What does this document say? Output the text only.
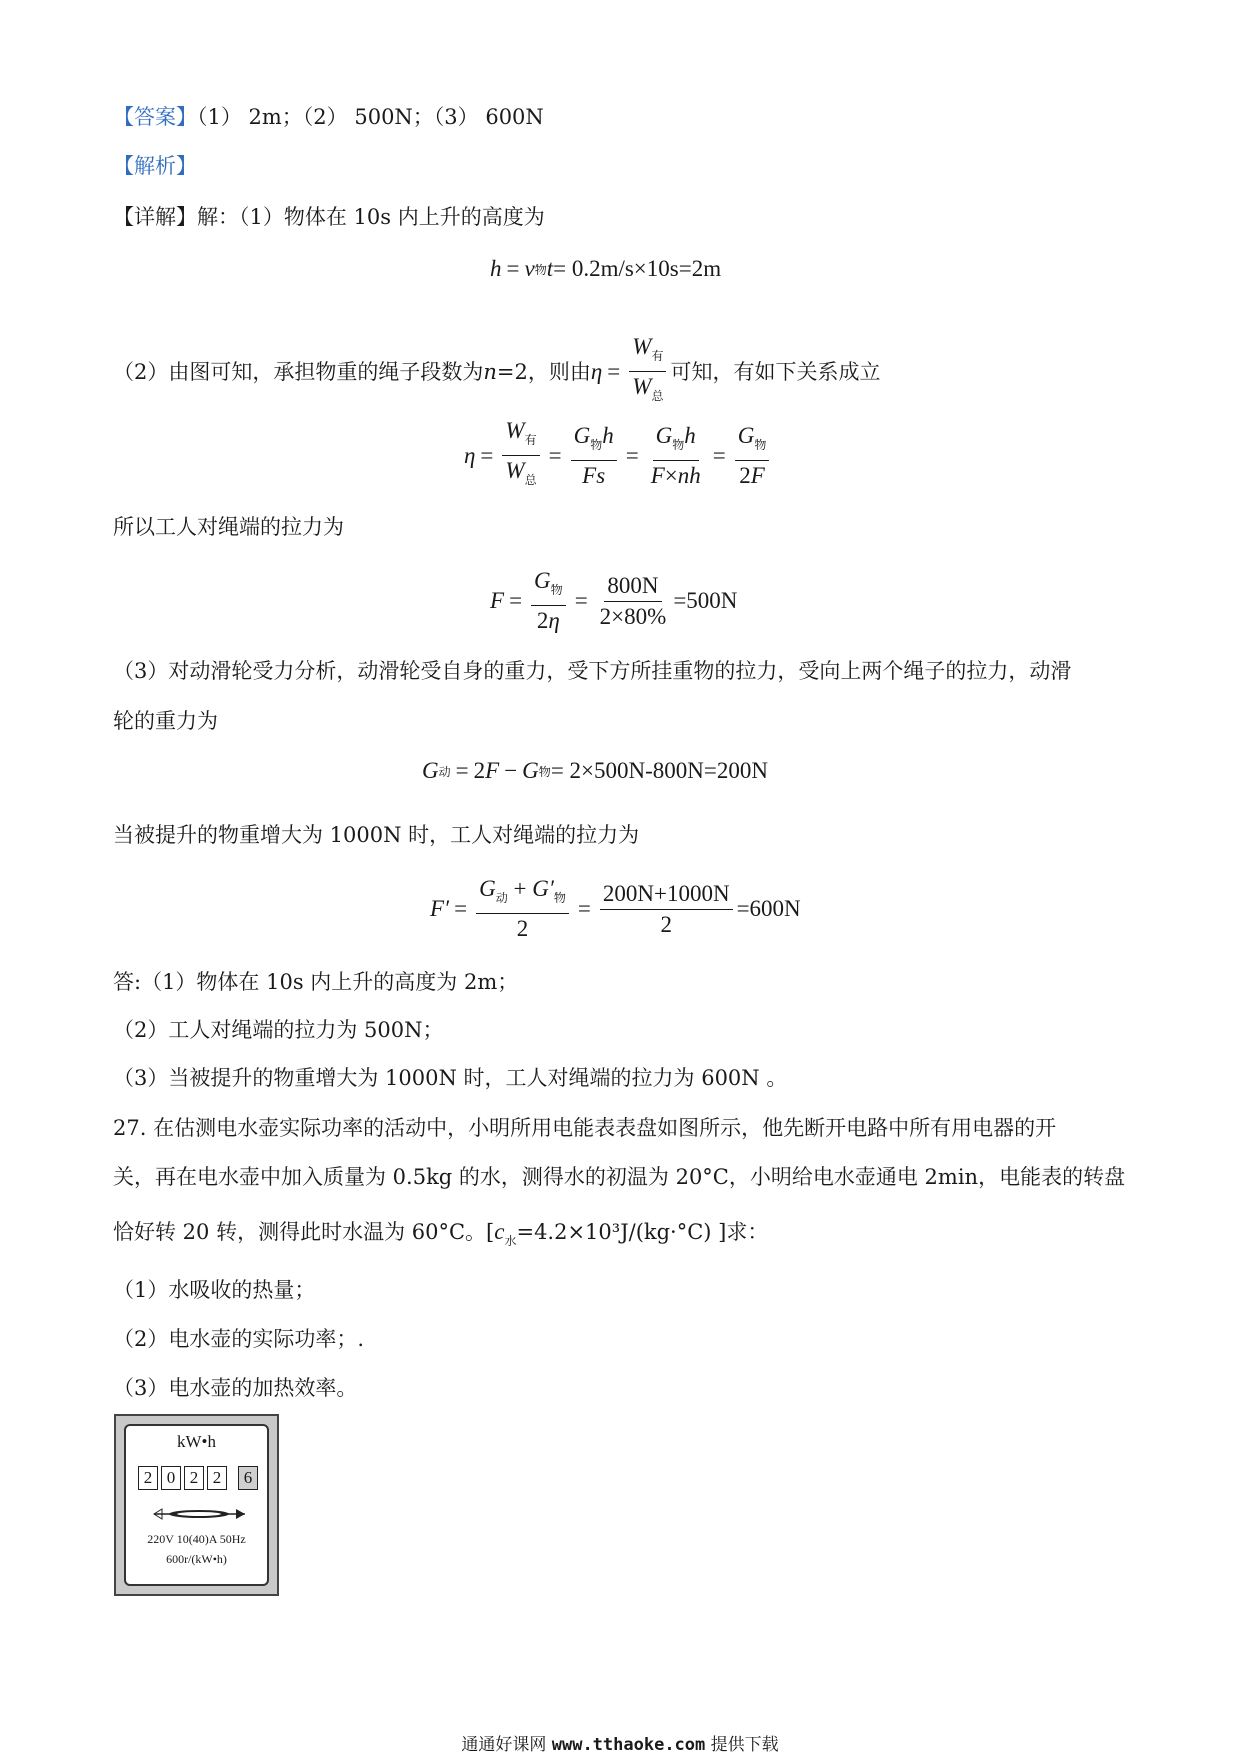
【答案】（1） 2m；（2） 500N；（3） 600N
【解析】
【详解】解：（1）物体在 10s 内上升的高度为
h = v 物 t = 0.2m/s×10s=2m
（2）由图可知，承担物重的绳子段数为 n =2，则由 $\eta = \frac{W_有}{W_总}$ 可知，有如下关系成立
$\eta = \frac{W_有}{W_总} = \frac{G_物h}{Fs} = \frac{G_物h}{F\times nh} = \frac{G_物}{2F}$
所以工人对绳端的拉力为
$F = \frac{G_物}{2\eta} = \frac{800N}{2\times 80\%} =500N$
（3）对动滑轮受力分析，动滑轮受自身的重力，受下方所挂重物的拉力，受向上两个绳子的拉力，动滑
轮的重力为
G 动 = 2 F − G 物 = 2×500N-800N=200N
当被提升的物重增大为 1000N 时，工人对绳端的拉力为
$F' = \frac{G_动 + G'_物}{2} = \frac{200N+1000N}{2} =600N$
答:（1）物体在 10s 内上升的高度为 2m；
（2）工人对绳端的拉力为 500N；
（3）当被提升的物重增大为 1000N 时，工人对绳端的拉力为 600N 。
27. 在估测电水壶实际功率的活动中，小明所用电能表表盘如图所示，他先断开电路中所有用电器的开
关，再在电水壶中加入质量为 0.5kg 的水，测得水的初温为 20°C，小明给电水壶通电 2min，电能表的转盘
恰好转 20 转，测得此时水温为 60°C。[$c_水=4.2\times 10^3J/(kg\cdot^\circ C)$ ]求：
（1）水吸收的热量；
（2）电水壶的实际功率；.
（3）电水壶的加热效率。
kW•h
2 0 2 2	6
220V 10(40)A 50Hz
600r/(kW•h)
通通好课网 www.tthaoke.com 提供下载
